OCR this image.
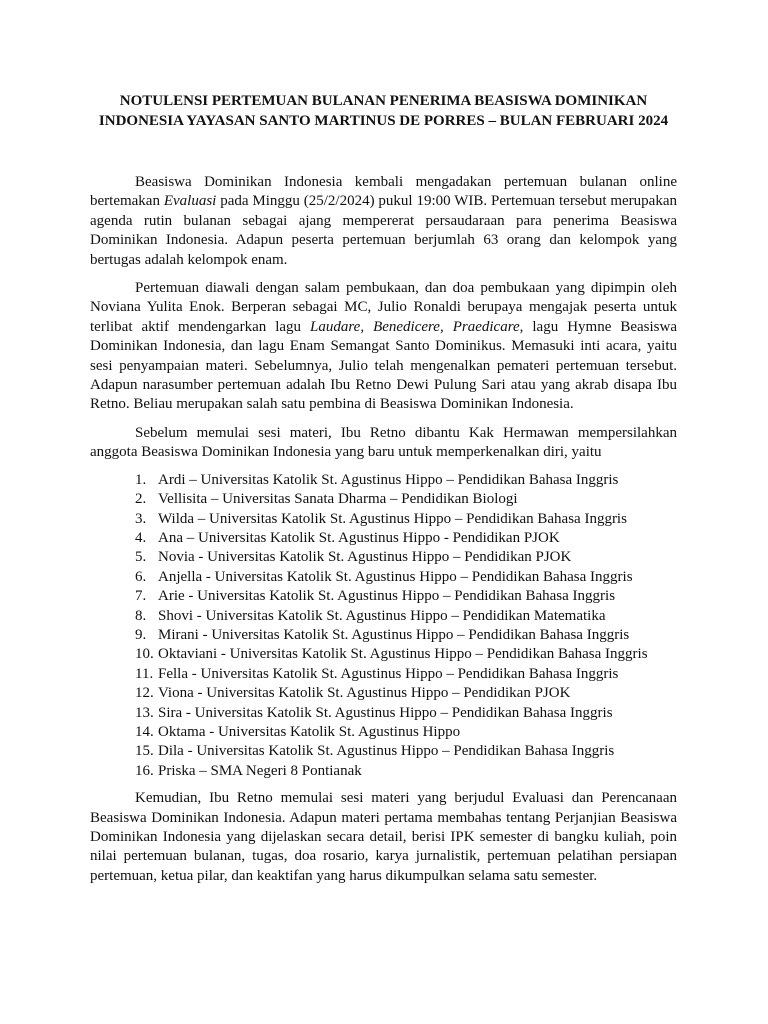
NOTULENSI PERTEMUAN BULANAN PENERIMA BEASISWA DOMINIKAN
INDONESIA YAYASAN SANTO MARTINUS DE PORRES – BULAN FEBRUARI 2024

Beasiswa Dominikan Indonesia kembali mengadakan pertemuan bulanan online bertemakan Evaluasi pada Minggu (25/2/2024) pukul 19:00 WIB. Pertemuan tersebut merupakan agenda rutin bulanan sebagai ajang mempererat persaudaraan para penerima Beasiswa Dominikan Indonesia. Adapun peserta pertemuan berjumlah 63 orang dan kelompok yang bertugas adalah kelompok enam.

Pertemuan diawali dengan salam pembukaan, dan doa pembukaan yang dipimpin oleh Noviana Yulita Enok. Berperan sebagai MC, Julio Ronaldi berupaya mengajak peserta untuk terlibat aktif mendengarkan lagu Laudare, Benedicere, Praedicare, lagu Hymne Beasiswa Dominikan Indonesia, dan lagu Enam Semangat Santo Dominikus. Memasuki inti acara, yaitu sesi penyampaian materi. Sebelumnya, Julio telah mengenalkan pemateri pertemuan tersebut. Adapun narasumber pertemuan adalah Ibu Retno Dewi Pulung Sari atau yang akrab disapa Ibu Retno. Beliau merupakan salah satu pembina di Beasiswa Dominikan Indonesia.

Sebelum memulai sesi materi, Ibu Retno dibantu Kak Hermawan mempersilahkan anggota Beasiswa Dominikan Indonesia yang baru untuk memperkenalkan diri, yaitu

1. Ardi – Universitas Katolik St. Agustinus Hippo – Pendidikan Bahasa Inggris
2. Vellisita – Universitas Sanata Dharma – Pendidikan Biologi
3. Wilda – Universitas Katolik St. Agustinus Hippo – Pendidikan Bahasa Inggris
4. Ana – Universitas Katolik St. Agustinus Hippo - Pendidikan PJOK
5. Novia - Universitas Katolik St. Agustinus Hippo – Pendidikan PJOK
6. Anjella - Universitas Katolik St. Agustinus Hippo – Pendidikan Bahasa Inggris
7. Arie - Universitas Katolik St. Agustinus Hippo – Pendidikan Bahasa Inggris
8. Shovi - Universitas Katolik St. Agustinus Hippo – Pendidikan Matematika
9. Mirani - Universitas Katolik St. Agustinus Hippo – Pendidikan Bahasa Inggris
10. Oktaviani - Universitas Katolik St. Agustinus Hippo – Pendidikan Bahasa Inggris
11. Fella - Universitas Katolik St. Agustinus Hippo – Pendidikan Bahasa Inggris
12. Viona - Universitas Katolik St. Agustinus Hippo – Pendidikan PJOK
13. Sira - Universitas Katolik St. Agustinus Hippo – Pendidikan Bahasa Inggris
14. Oktama - Universitas Katolik St. Agustinus Hippo
15. Dila - Universitas Katolik St. Agustinus Hippo – Pendidikan Bahasa Inggris
16. Priska – SMA Negeri 8 Pontianak

Kemudian, Ibu Retno memulai sesi materi yang berjudul Evaluasi dan Perencanaan Beasiswa Dominikan Indonesia. Adapun materi pertama membahas tentang Perjanjian Beasiswa Dominikan Indonesia yang dijelaskan secara detail, berisi IPK semester di bangku kuliah, poin nilai pertemuan bulanan, tugas, doa rosario, karya jurnalistik, pertemuan pelatihan persiapan pertemuan, ketua pilar, dan keaktifan yang harus dikumpulkan selama satu semester.
